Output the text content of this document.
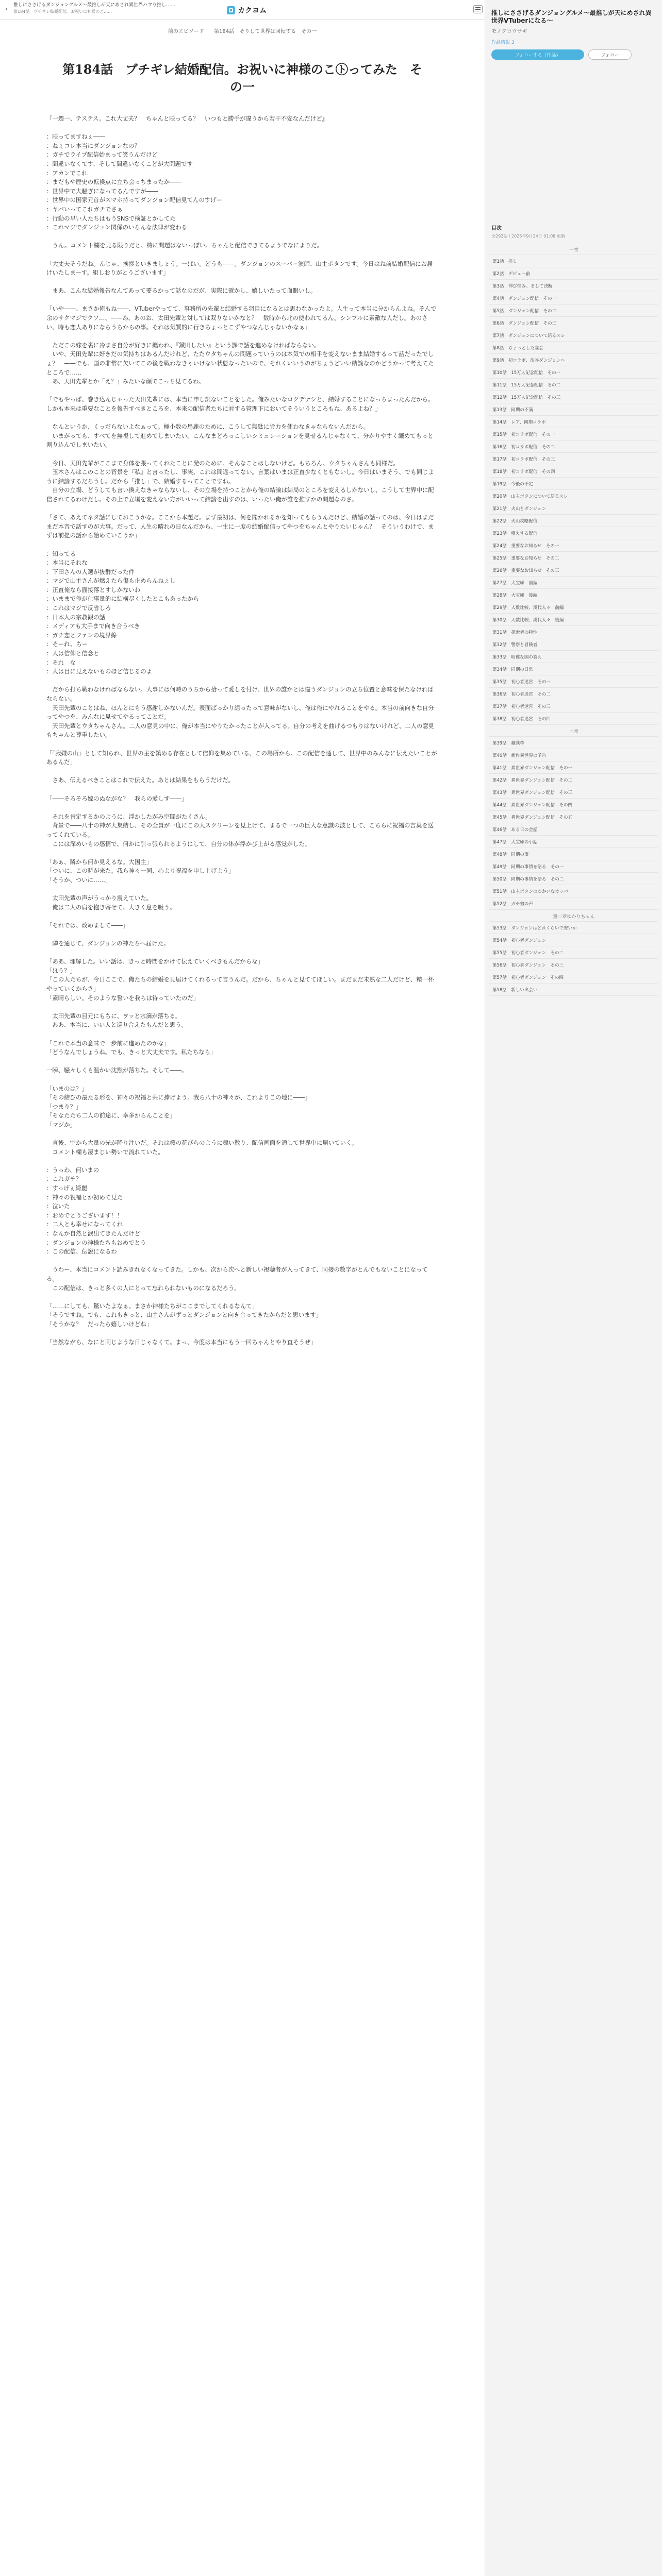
‹ 推しにささげるダンジョングルメ～最推しが天にめされ異世界ハマり推し……
第184話　ブチギレ結婚配信。お祝いに神様のご……	カクヨム
前のエピソード 第184話　そりして世界は回転する　その一
第184話　ブチギレ結婚配信。お祝いに神様のこ㋣ってみた　その一

『一週一、テステス。これ大丈夫？　ちゃんと映ってる？　いつもと勝手が違うから若干不安なんだけど』

：映ってますねぇ――
：ねぇコレ本当にダンジョンなの？
：ガチでライブ配信始まって笑うんだけど
：間違いなくてす、そして間違いなくこどが大問題です
：アカンでこれ
：まだもや歴史の転換点に立ち会っちまったか――
：世界中で大騒ぎになってるんですが――
：世界中の国家元首がスマホ持ってダンジョン配信見てんのすげー
：ヤバいってこれガチでさぁ
：行動の早い人たちはもうSNSで検証とかしてた
：これマジでダンジョン関係のいろんな法律が変わる

　うん。コメント欄を見る限りだと、特に問題はないっぽい。ちゃんと配信できてるようでなによりだ。

「大丈夫そうだね。んじゃ、挨拶といきましょう。一ばい。どうも――。ダンジョンのスーパー演師、山主ポタンです。今日はね前結婚配信にお届けいたしまーす。組しおりがとうございます」

　まあ、こんな結婚報告なんてあって要るかって話なのだが、実際に確かし、嬉しいたって血眼いし。

「いや――、まさか俺もね――、VTuberやってて、事務所の先輩と結婚する羽目になるとは思わなかったよ。人生って本当に分からんよね。そんで余のサクマジでクソ…、——あ、あのお、太田先輩と対しては双りないかなと？　数時から北の使われてるん。シンプルに素敵な人だし。あのさい、時も恋人ありにならうちからの事。それは気質的に行きちょっとこずやつなんじゃないかなぁ」

　ただこの嫁を裏に冷まさ自分が好きに纏われ、『鐵田したい』という課で話を進めなければならない。
　いや、天田先輩に好きだの気持ちはあるんだけれど、たたウタちゃんの問題っていうのは本気での相手を変えないまま結婚するって話だったでしょ？　——でも、国の非常に欠いてこの後を戦わなきゃいけない状態なったいので、それくいいうのがちょうどいい結論なのかどうかって考えてたところで……
　あ、天田先輩とか「え？」みたいな顔でこっち見てるわ。

「でもやっぱ、巻き込んじゃった天田先輩には、本当に申し訳ないことをした。俺みたいなロクデナシと、結婚することになっちまったんだから。しかも本来は重要なことを報告すべきところを、本来の配信者たちに対する管理下においてそういうところもね、あるよね？」

　なんというか、くっだらないよなぁって。極小数の馬鹿のために、こうして無駄に労力を使わなきゃならないんだから。
　いまがっても、すべてを無視して進めてしまいたい。こんなまどろっこしいシミュレーションを見せるんじゃなくて、分かりやすく纏めてもっと割り込んでしまいたい。

　今日、天田先輩がここまで身体を張ってくれたことに発のために、そんなことはしないけど。もちろん、ウタちゃんさんも同様だ。
　玉木さんはこのことの背景を『私』と言ったし、事実、これは間違ってない。言葉はいまは正直少なくともないし。今日はいまそう、でも同じように結論するだろうし。だから「推し」で、結婚するってことですね。
　自分の立場、どうしても言い換えなきゃならないし、その立場を持つことから俺の結論は結局のところを変えるしかないし、こうして世界中に配信されてるわけだし。その上で立場を変えない方がいいって結論を出すのは、いったい俺が誰を推すかの問題なのさ。

「さて、あえてネタ話にしておこうかな。ここから本題だ。まず最初は、何を聞かれるかを知ってもらうんだけど、結婚の話ってのは、今日はまだまだ本音で話すのが大事。だって、人生の晴れの日なんだから、一生に一度の結婚配信ってやつをちゃんとやりたいじゃん？　そういうわけで、まずは前提の話から始めていこうか」

：知ってる
：本当にそれな
：下田さんの人選が抜群だった件
：マジで山主さんが燃えたら傷も止めらんねぇし
：正直俺なら面接落とすしかないわ
：いままで俺が仕事量的に結構尽くしたとこもあったから
：これはマジで反省しろ
：日本人の宗教観の話
：メディアも大手まで向き合うべき
：ガチ恋とファンの境界線
：そーれ、ちー
：人は信仰と信念と
：それ　な
：人は目に見えないものほど信じるのよ

　だから打ち戦わなければならない。大事には何時のうちから拾って愛しを付け、世界の誰かとは違うダンジョンの立ち位置と意味を保たなければならない。
　天田先輩のことはね、ほんとにもう感謝しかないんだ。表面ばっかり繕ったって意味がないし、俺は俺にやれることをやる。本当の前向きな自分ってやつを、みんなに見せてやるってことだ。
　天田先輩とウタちゃんさん。二人の意見の中に、俺が本当にやりたかったことが入ってる。自分の考えを曲げるつもりはないけれど、二人の意見もちゃんと尊重したい。

「『寂嫌の山』として知られ、世界の主を鎮める存在として信仰を集めている、この場所から。この配信を通して、世界中のみんなに伝えたいことがあるんだ」

　さあ、伝えるべきことはこれで伝えた。あとは結果をもらうだけだ。

「――そろそろ嫁のぬながな？　我らの愛しす――」

　それを肯定するかのように、浮かしたがみ空間がたくさん。
　背景で――八十の神が大集結し、その全員が一度にこの大スクリーンを見上げて、まるで一つの巨大な意識の波として、こちらに祝福の言葉を送ってくれている。
　こには深めいもの感情で、何かに引っ張られるようにして、自分の体が浮かび上がる感覚がした。

「あぁ、隣から何か見えるな。大国主」
「ついに、この時が来た。我ら神々一同、心より祝福を申し上げよう」
「そうか、ついに……」

　太田先輩の声がうっかり震えていた。
　俺は二人の肩を抱き寄せて、大きく息を吸う。

「それでは、改めまして――」

　隣を通じて、ダンジョンの神たちへ届けた。

「ああ、理解した。いい話は、きっと時間をかけて伝えていくべきもんだからな」
「ほう？」
「この人たちが、今日ここで、俺たちの結婚を見届けてくれるって言うんだ。だから、ちゃんと見ててほしい。まだまだ未熟な二人だけど、精一杯やっていくからさ」
「素晴らしい。そのような誓いを我らは待っていたのだ」

　太田先輩の目元にもちに、ヲッと水滴が落ちる。
　ああ、本当に、いい人と巡り合えたもんだと思う。

「これで本当の意味で一歩前に進めたのかな」
「どうなんでしょうね。でも、きっと大丈夫です。私たちなら」

一瞬、騒々しくも温かい沈黙が落ちた。そして――。

「いまのは？」
「その結びの最たる形を、神々の祝福と共に捧げよう。我ら八十の神々が、これよりこの地に――」
「つまり？」
「そなたたち二人の前途に、幸多からんことを」
「マジか」

　直後、空から大量の光が降り注いだ。それは桜の花びらのように舞い散り、配信画面を通して世界中に届いていく。
　コメント欄も凄まじい勢いで流れていた。

：うっわ、何いまの
：これガチ？
：すっげぇ綺麗
：神々の祝福とか初めて見た
：泣いた
：おめでとうございます！！
：二人とも幸せになってくれ
：なんか自然と涙出てきたんだけど
：ダンジョンの神様たちもおめでとう
：この配信、伝説になるわ

　うわー、本当にコメント読みきれなくなってきた。しかも、次から次へと新しい視聴者が入ってきて、同接の数字がとんでもないことになってる。
　この配信は、きっと多くの人にとって忘れられないものになるだろう。

「……にしても、驚いたよなぁ。まさか神様たちがここまでしてくれるなんて」
「そうですね。でも、これもきっと、山主さんがずっとダンジョンと向き合ってきたからだと思います」
「そうかな？　だったら嬉しいけどね」

「当然ながら、なにと同じような日じゃなくて。まっ、今度は本当にもう一回ちゃんとやり直そうぜ」

推しにささげるダンジョングルメ～最推しが天にめされ異世界VTuberになる～
モノクロウサギ
作品情報 3
フォローする（作品）	フォロー
目次
全292話 / 2025年9月24日 01:08 更新
一章
第1話　推し
第2話　デビュー前
第3話　伸び悩み、そして決断
第4話　ダンジョン配信　その一
第5話　ダンジョン配信　その二
第6話　ダンジョン配信　その三
第7話　ダンジョンについて語るスレ
第8話　ちょっとした宴会
第9話　初コラボ、渋谷ダンジョンへ
第10話　15万人記念配信　その一
第11話　15万人記念配信　その二
第12話　15万人記念配信　その三
第13話　同期の不満
第14話　レア、同期コラボ
第15話　初コラボ配信　その一
第16話　初コラボ配信　その二
第17話　初コラボ配信　その三
第18話　初コラボ配信　その四
第19話　今後の予定
第20話　山主ポタンについて語るスレ
第21話　火山とダンジョン
第22話　火山攻略配信
第23話　噴火する配信
第24話　重要なお知らせ　その一
第25話　重要なお知らせ　その二
第26話　重要なお知らせ　その三
第27話　大宝庫　前編
第28話　大宝庫　後編
第29話　人数比較、漢代人々　前編
第30話　人数比較、漢代人々　後編
第31話　探索者の特性
第32話　警察と冒険者
第33話　明確な国の答え
第34話　同期の日常
第35話　初心者迷宮　その一
第36話　初心者迷宮　その二
第37話　初心者迷宮　その三
第38話　初心者迷宮　その四
二章
第39話　雑談枠
第40話　新作異世界の予告
第41話　異世界ダンジョン配信　その一
第42話　異世界ダンジョン配信　その二
第43話　異世界ダンジョン配信　その三
第44話　異世界ダンジョン配信　その四
第45話　異世界ダンジョン配信　その五
第46話　ある日の会話
第47話　大宝庫の小話
第48話　同期の事
第49話　同期の事情を語る　その一
第50話　同期の事情を語る　その二
第51話　山主ポタンのゆかいなカッパ
第52話　ガチ勢の声
第二章ゆかりちゃん
第53話　ダンジョンはどれくらいで安いか
第54話　初心者ダンジョン
第55話　初心者ダンジョン　その二
第56話　初心者ダンジョン　その三
第57話　初心者ダンジョン　その四
第58話　新しい出会い
